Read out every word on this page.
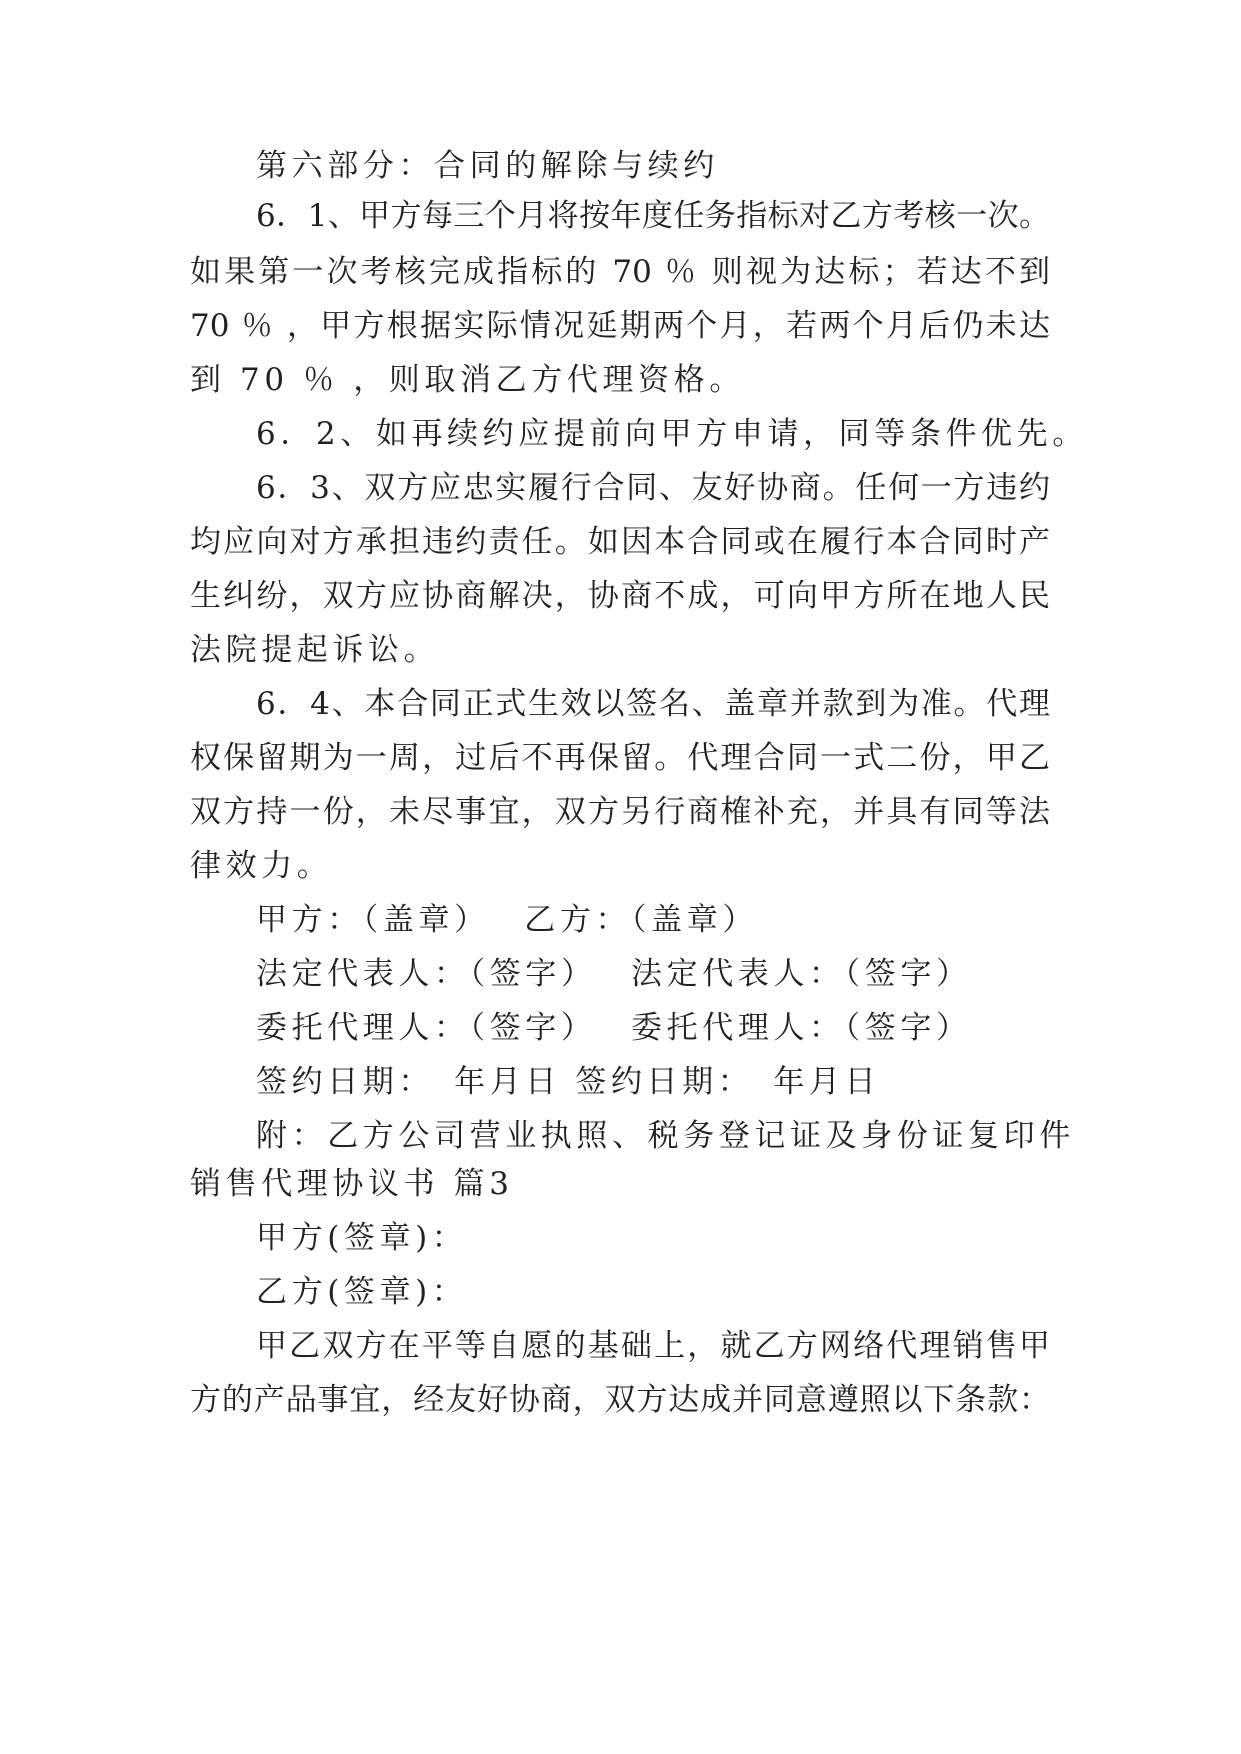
第六部分：合同的解除与续约
6．1、甲方每三个月将按年度任务指标对乙方考核一次。
如果第一次考核完成指标的 70 ％ 则视为达标；若达不到
70 ％ ，甲方根据实际情况延期两个月，若两个月后仍未达
到 70 ％ ，则取消乙方代理资格。
6．2、如再续约应提前向甲方申请，同等条件优先。
6．3、双方应忠实履行合同、友好协商。任何一方违约
均应向对方承担违约责任。如因本合同或在履行本合同时产
生纠纷，双方应协商解决，协商不成，可向甲方所在地人民
法院提起诉讼。
6．4、本合同正式生效以签名、盖章并款到为准。代理
权保留期为一周，过后不再保留。代理合同一式二份，甲乙
双方持一份，未尽事宜，双方另行商榷补充，并具有同等法
律效力。
甲方：（盖章）　 乙方：（盖章）
法定代表人：（签字）　 法定代表人：（签字）
委托代理人：（签字）　 委托代理人：（签字）
签约日期：　年月日 签约日期：　年月日
附：乙方公司营业执照、税务登记证及身份证复印件
销售代理协议书 篇3
甲方(签章)：
乙方(签章)：
甲乙双方在平等自愿的基础上，就乙方网络代理销售甲
方的产品事宜，经友好协商，双方达成并同意遵照以下条款：
